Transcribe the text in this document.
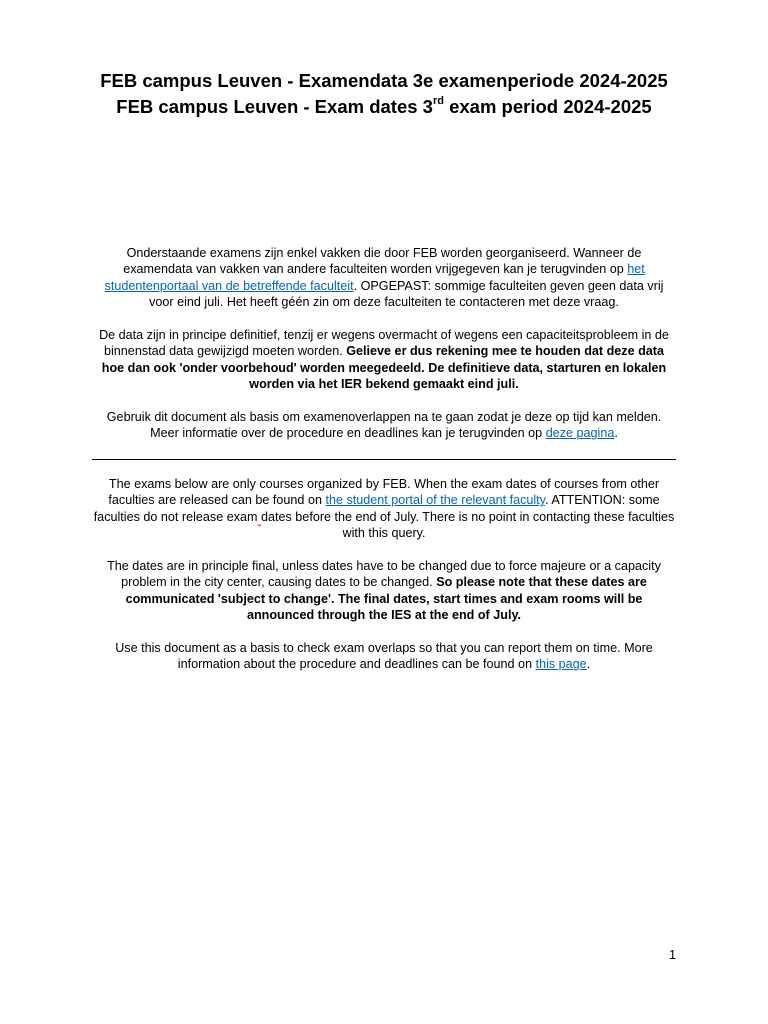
FEB campus Leuven - Examendata 3e examenperiode 2024-2025
FEB campus Leuven - Exam dates 3rd exam period 2024-2025

Onderstaande examens zijn enkel vakken die door FEB worden georganiseerd. Wanneer de examendata van vakken van andere faculteiten worden vrijgegeven kan je terugvinden op het studentenportaal van de betreffende faculteit. OPGEPAST: sommige faculteiten geven geen data vrij voor eind juli. Het heeft géén zin om deze faculteiten te contacteren met deze vraag.

De data zijn in principe definitief, tenzij er wegens overmacht of wegens een capaciteitsprobleem in de binnenstad data gewijzigd moeten worden. Gelieve er dus rekening mee te houden dat deze data hoe dan ook 'onder voorbehoud' worden meegedeeld. De definitieve data, starturen en lokalen worden via het IER bekend gemaakt eind juli.

Gebruik dit document als basis om examenoverlappen na te gaan zodat je deze op tijd kan melden. Meer informatie over de procedure en deadlines kan je terugvinden op deze pagina.

The exams below are only courses organized by FEB. When the exam dates of courses from other faculties are released can be found on the student portal of the relevant faculty. ATTENTION: some faculties do not release exam dates before the end of July. There is no point in contacting these faculties with this query.

The dates are in principle final, unless dates have to be changed due to force majeure or a capacity problem in the city center, causing dates to be changed. So please note that these dates are communicated 'subject to change'. The final dates, start times and exam rooms will be announced through the IES at the end of July.

Use this document as a basis to check exam overlaps so that you can report them on time. More information about the procedure and deadlines can be found on this page.

1
